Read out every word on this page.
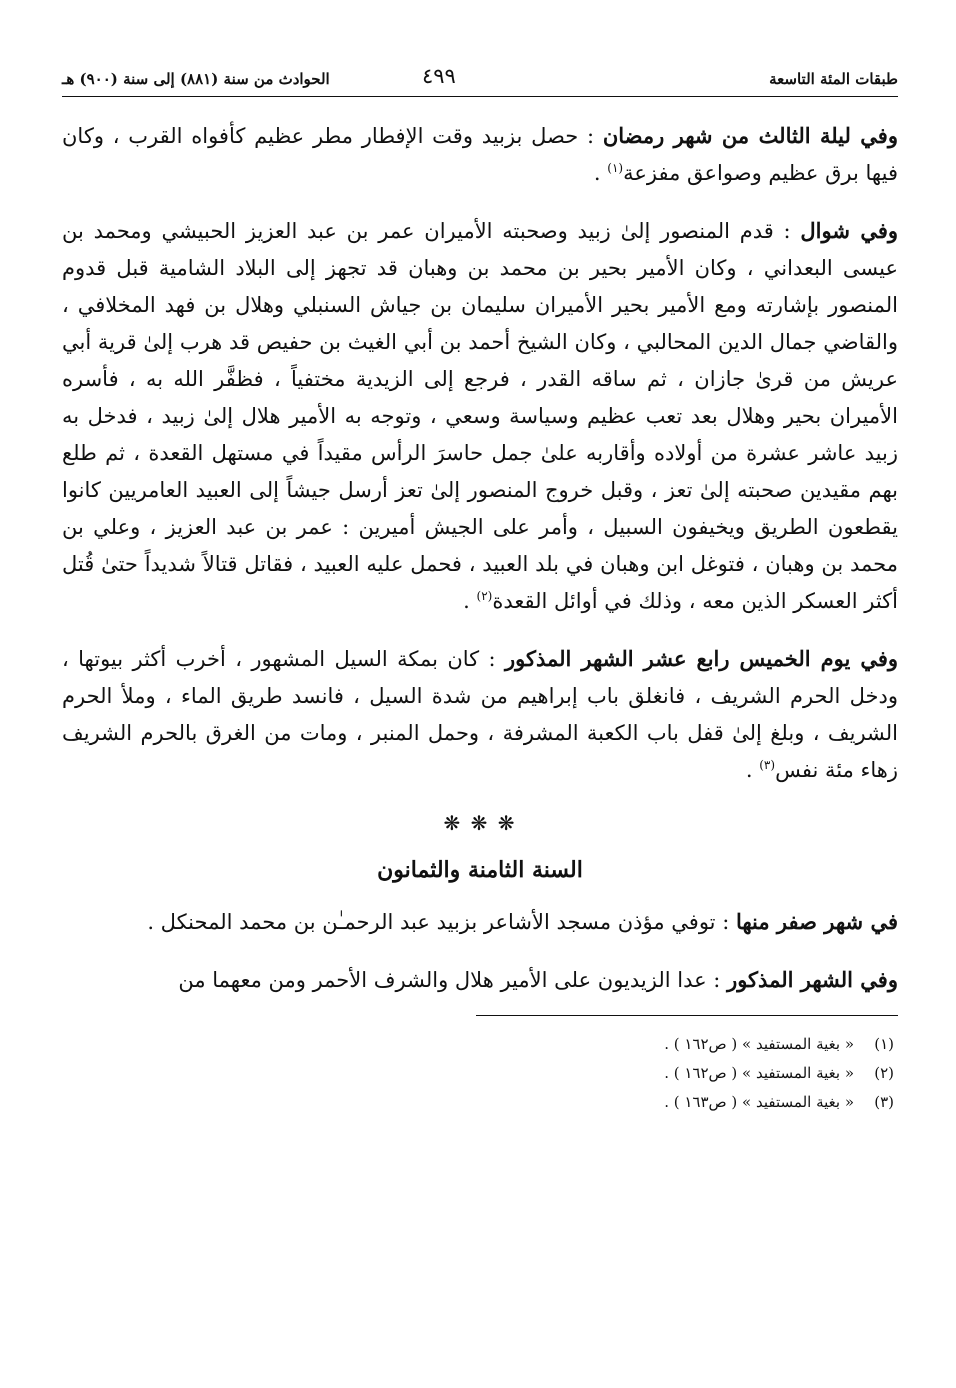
طبقات المئة التاسعة
٤٩٩
الحوادث من سنة (٨٨١) إلى سنة (٩٠٠) هـ

وفي ليلة الثالث من شهر رمضان : حصل بزبيد وقت الإفطار مطر عظيم كأفواه القرب ، وكان فيها برق عظيم وصواعق مفزعة$^{(١)}$ .

وفي شوال : قدم المنصور إلىٰ زبيد وصحبته الأميران عمر بن عبد العزيز الحبيشي ومحمد بن عيسى البعداني ، وكان الأمير بحير بن محمد بن وهبان قد تجهز إلى البلاد الشامية قبل قدوم المنصور بإشارته ومع الأمير بحير الأميران سليمان بن جياش السنبلي وهلال بن فهد المخلافي ، والقاضي جمال الدين المحالبي ، وكان الشيخ أحمد بن أبي الغيث بن حفيص قد هرب إلىٰ قرية أبي عريش من قرىٰ جازان ، ثم ساقه القدر ، فرجع إلى الزيدية مختفياً ، فظفَّر الله به ، فأسره الأميران بحير وهلال بعد تعب عظيم وسياسة وسعي ، وتوجه به الأمير هلال إلىٰ زبيد ، فدخل به زبيد عاشر عشرة من أولاده وأقاربه علىٰ جمل حاسرَ الرأس مقيداً في مستهل القعدة ، ثم طلع بهم مقيدين صحبته إلىٰ تعز ، وقبل خروج المنصور إلىٰ تعز أرسل جيشاً إلى العبيد العامريين كانوا يقطعون الطريق ويخيفون السبيل ، وأمر على الجيش أميرين : عمر بن عبد العزيز ، وعلي بن محمد بن وهبان ، فتوغل ابن وهبان في بلد العبيد ، فحمل عليه العبيد ، فقاتل قتالاً شديداً حتىٰ قُتل أكثر العسكر الذين معه ، وذلك في أوائل القعدة$^{(٢)}$ .

وفي يوم الخميس رابع عشر الشهر المذكور : كان بمكة السيل المشهور ، أخرب أكثر بيوتها ، ودخل الحرم الشريف ، فانغلق باب إبراهيم من شدة السيل ، فانسد طريق الماء ، وملأ الحرم الشريف ، وبلغ إلىٰ قفل باب الكعبة المشرفة ، وحمل المنبر ، ومات من الغرق بالحرم الشريف زهاء مئة نفس$^{(٣)}$ .

❋ ❋ ❋
السنة الثامنة والثمانون

في شهر صفر منها : توفي مؤذن مسجد الأشاعر بزبيد عبد الرحمـٰن بن محمد المحنكل .

وفي الشهر المذكور : عدا الزيديون على الأمير هلال والشرف الأحمر ومن معهما من

(١)« بغية المستفيد » ( ص١٦٢ ) .
(٢)« بغية المستفيد » ( ص١٦٢ ) .
(٣)« بغية المستفيد » ( ص١٦٣ ) .
